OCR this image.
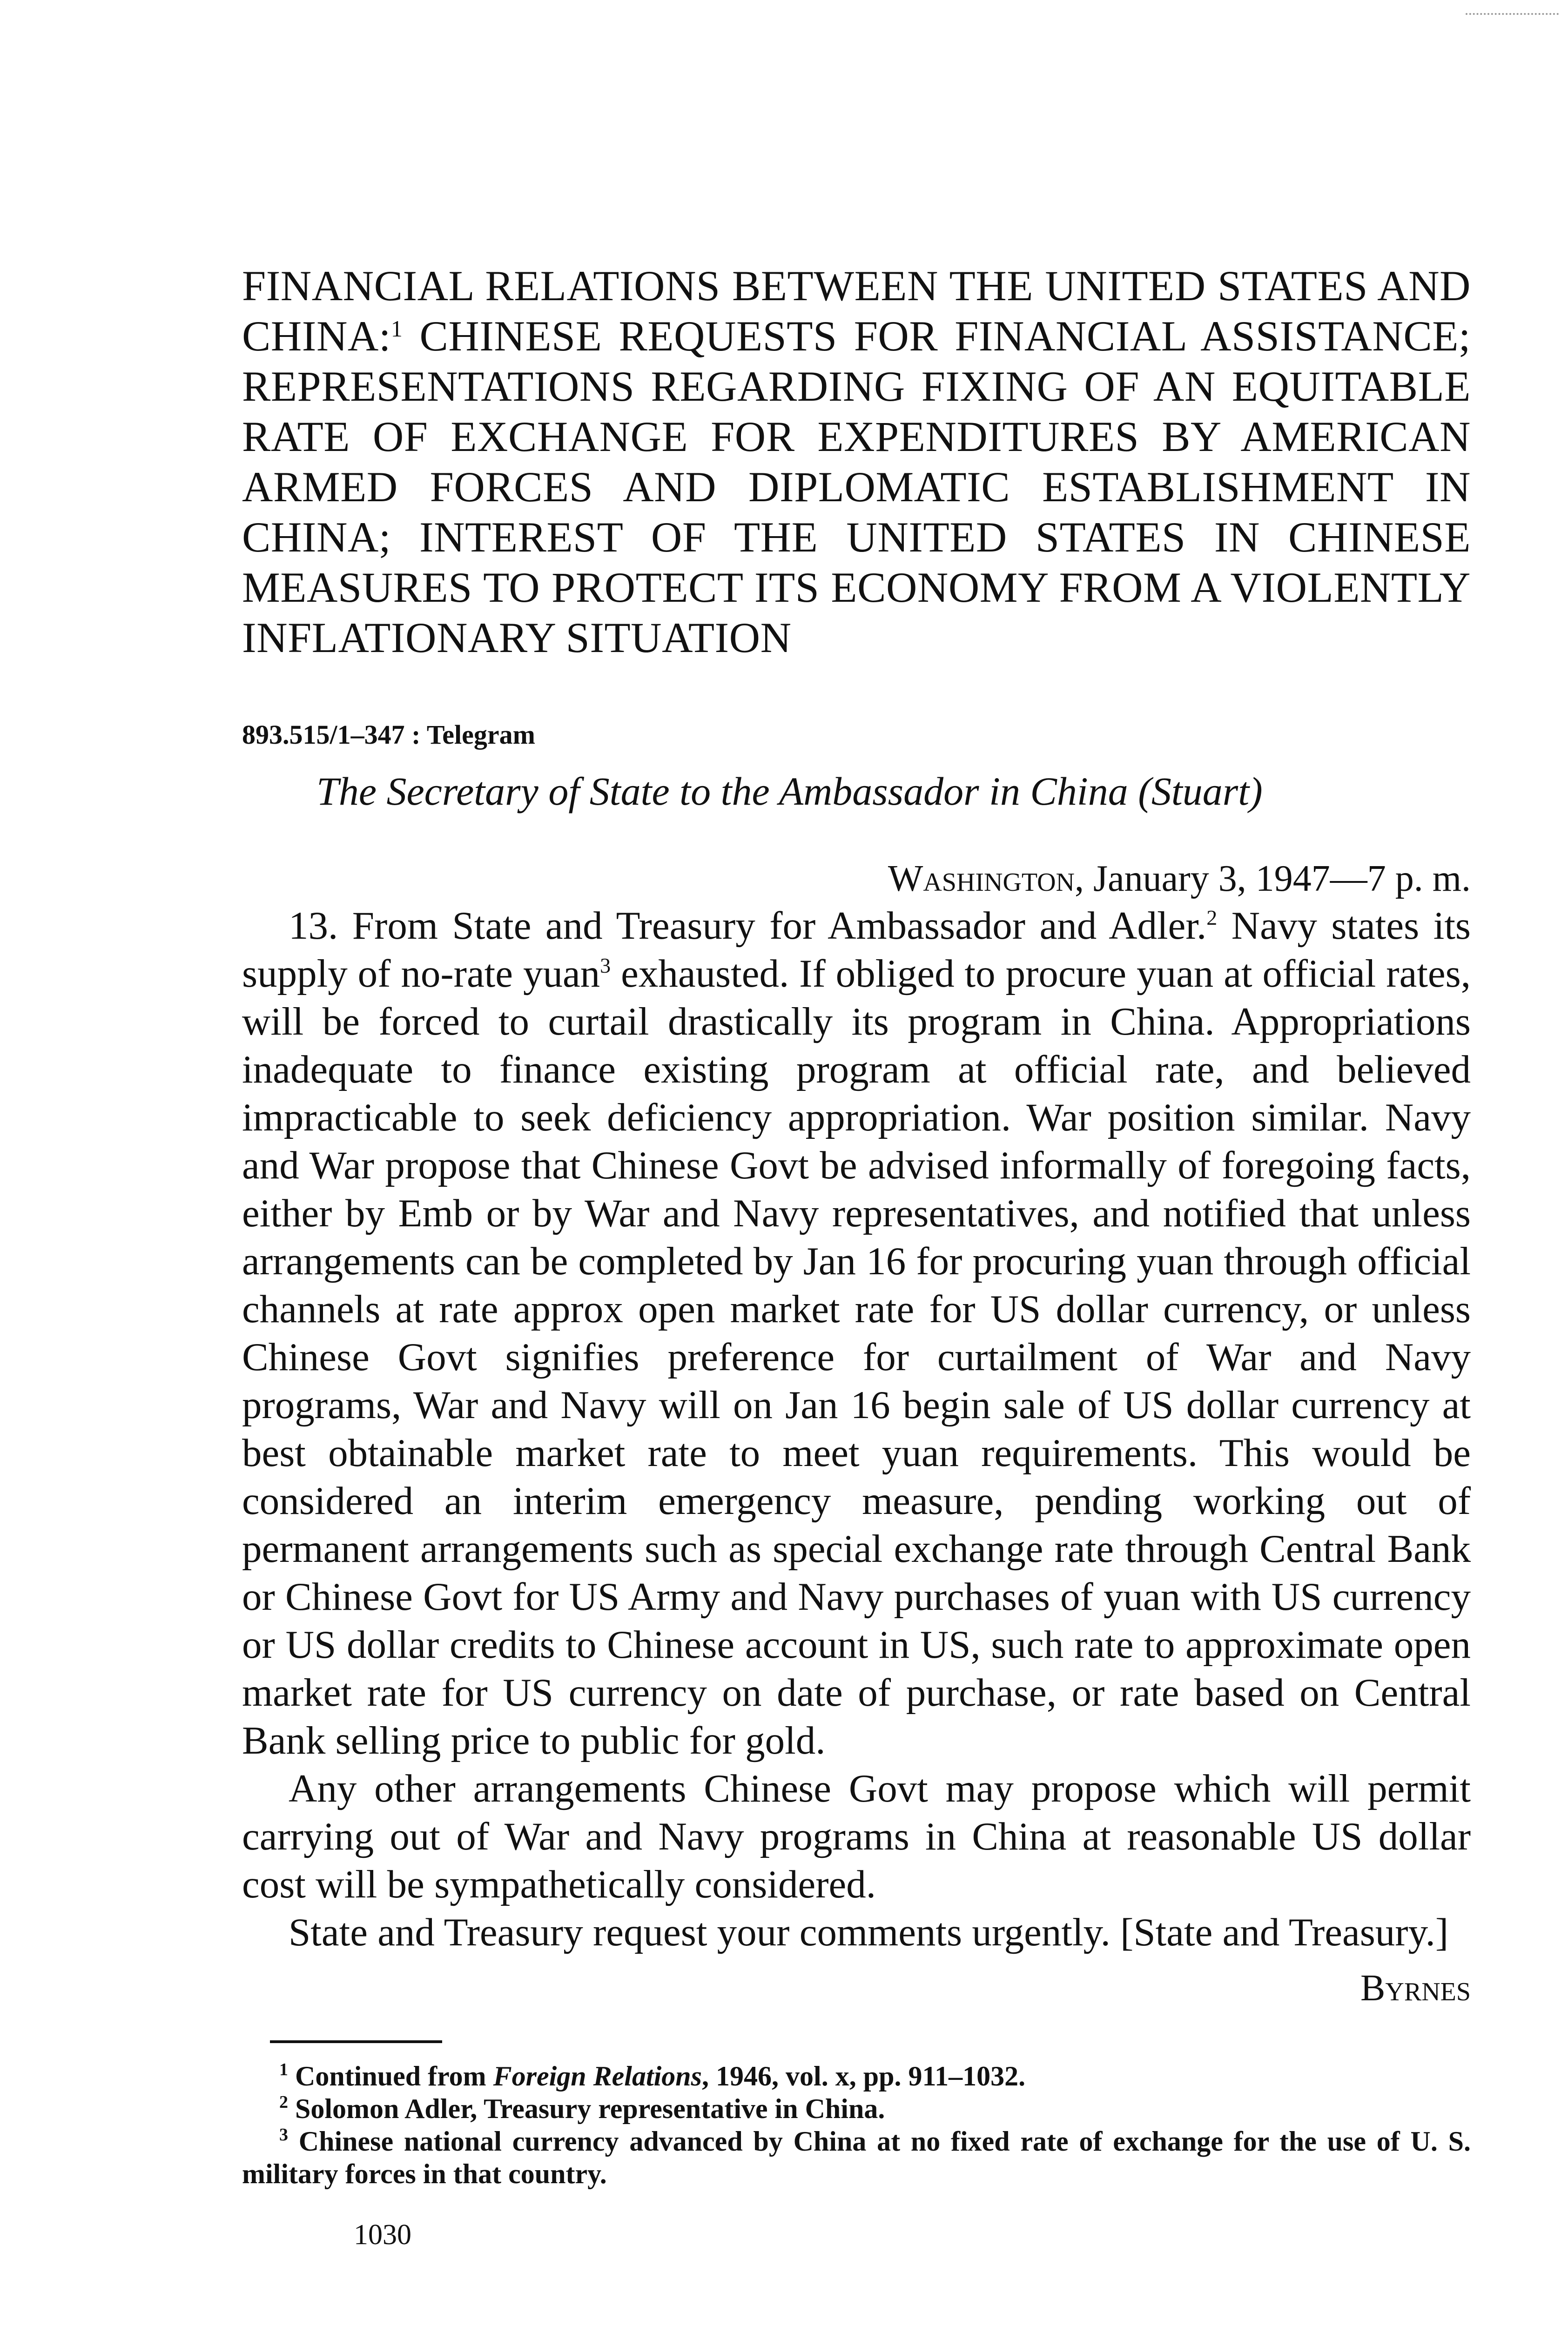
FINANCIAL RELATIONS BETWEEN THE UNITED STATES AND CHINA:$^1$ CHINESE REQUESTS FOR FINANCIAL ASSISTANCE; REPRESENTATIONS REGARDING FIXING OF AN EQUITABLE RATE OF EXCHANGE FOR EXPENDITURES BY AMERICAN ARMED FORCES AND DIPLOMATIC ESTABLISHMENT IN CHINA; INTEREST OF THE UNITED STATES IN CHINESE MEASURES TO PROTECT ITS ECONOMY FROM A VIOLENTLY INFLATIONARY SITUATION
893.515/1–347 : Telegram
The Secretary of State to the Ambassador in China (Stuart)
Washington, January 3, 1947—7 p. m.

13. From State and Treasury for Ambassador and Adler.$^2$ Navy states its supply of no-rate yuan$^3$ exhausted. If obliged to procure yuan at official rates, will be forced to curtail drastically its program in China. Appropriations inadequate to finance existing program at official rate, and believed impracticable to seek deficiency appropriation. War position similar. Navy and War propose that Chinese Govt be advised informally of foregoing facts, either by Emb or by War and Navy representatives, and notified that unless arrangements can be completed by Jan 16 for procuring yuan through official channels at rate approx open market rate for US dollar currency, or unless Chinese Govt signifies preference for curtailment of War and Navy programs, War and Navy will on Jan 16 begin sale of US dollar currency at best obtainable market rate to meet yuan requirements. This would be considered an interim emergency measure, pending working out of permanent arrangements such as special exchange rate through Central Bank or Chinese Govt for US Army and Navy purchases of yuan with US currency or US dollar credits to Chinese account in US, such rate to approximate open market rate for US currency on date of purchase, or rate based on Central Bank selling price to public for gold.

Any other arrangements Chinese Govt may propose which will permit carrying out of War and Navy programs in China at reasonable US dollar cost will be sympathetically considered.

State and Treasury request your comments urgently. [State and Treasury.]

Byrnes
$^1$ Continued from Foreign Relations, 1946, vol. x, pp. 911–1032.
$^2$ Solomon Adler, Treasury representative in China.
$^3$ Chinese national currency advanced by China at no fixed rate of exchange for the use of U. S. military forces in that country.
1030
